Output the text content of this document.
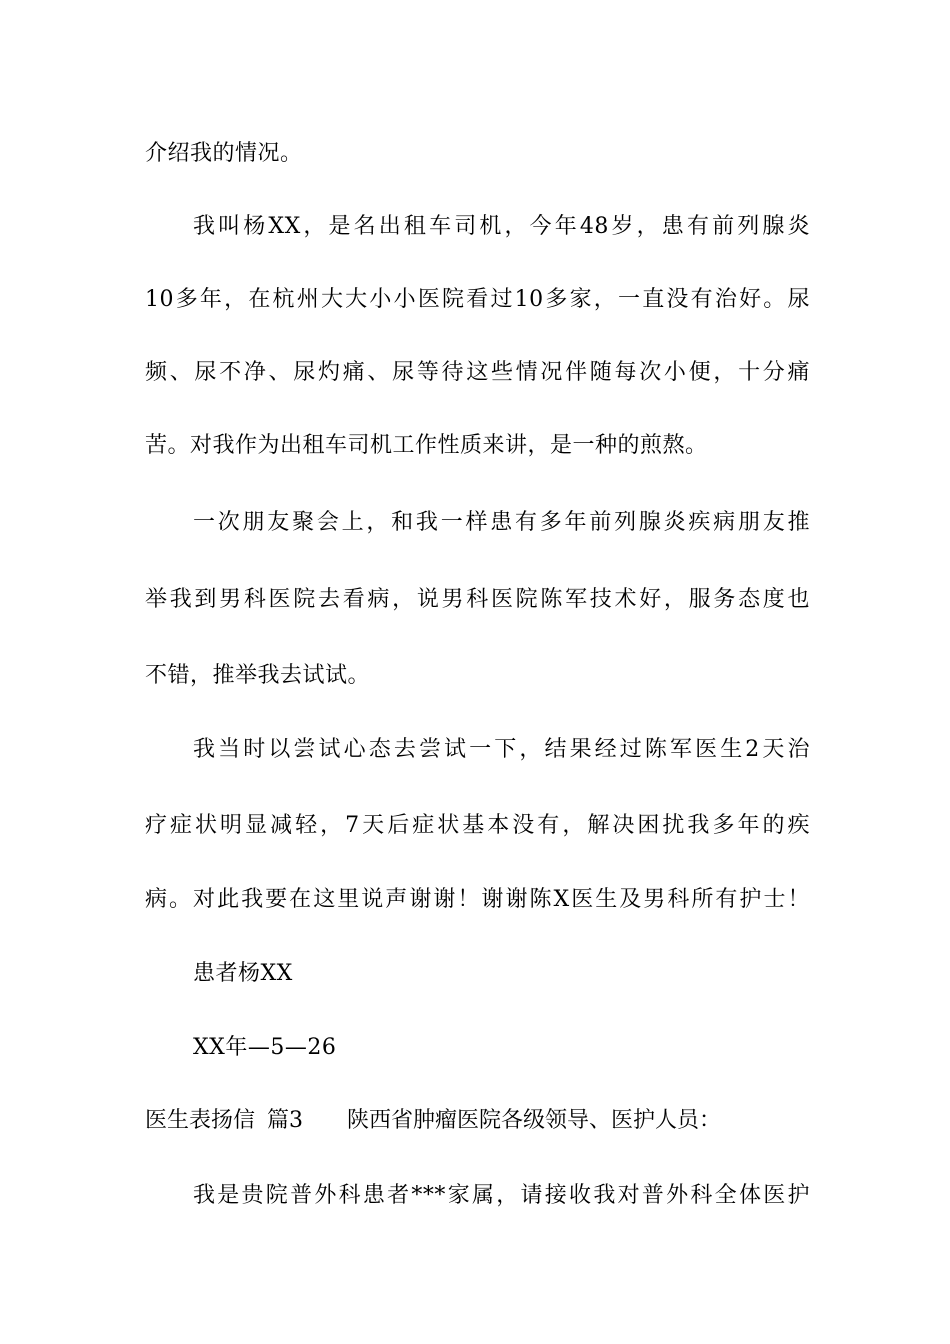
介绍我的情况。
我叫杨XX，是名出租车司机，今年48岁，患有前列腺炎
10多年，在杭州大大小小医院看过10多家，一直没有治好。尿
频、尿不净、尿灼痛、尿等待这些情况伴随每次小便，十分痛
苦。对我作为出租车司机工作性质来讲，是一种的煎熬。
一次朋友聚会上，和我一样患有多年前列腺炎疾病朋友推
举我到男科医院去看病，说男科医院陈军技术好，服务态度也
不错，推举我去试试。
我当时以尝试心态去尝试一下，结果经过陈军医生2天治
疗症状明显减轻，7天后症状基本没有，解决困扰我多年的疾
病。对此我要在这里说声谢谢！谢谢陈X医生及男科所有护士！
患者杨XX
XX年—5—26
医生表扬信 篇3 陕西省肿瘤医院各级领导、医护人员：
我是贵院普外科患者***家属，请接收我对普外科全体医护
